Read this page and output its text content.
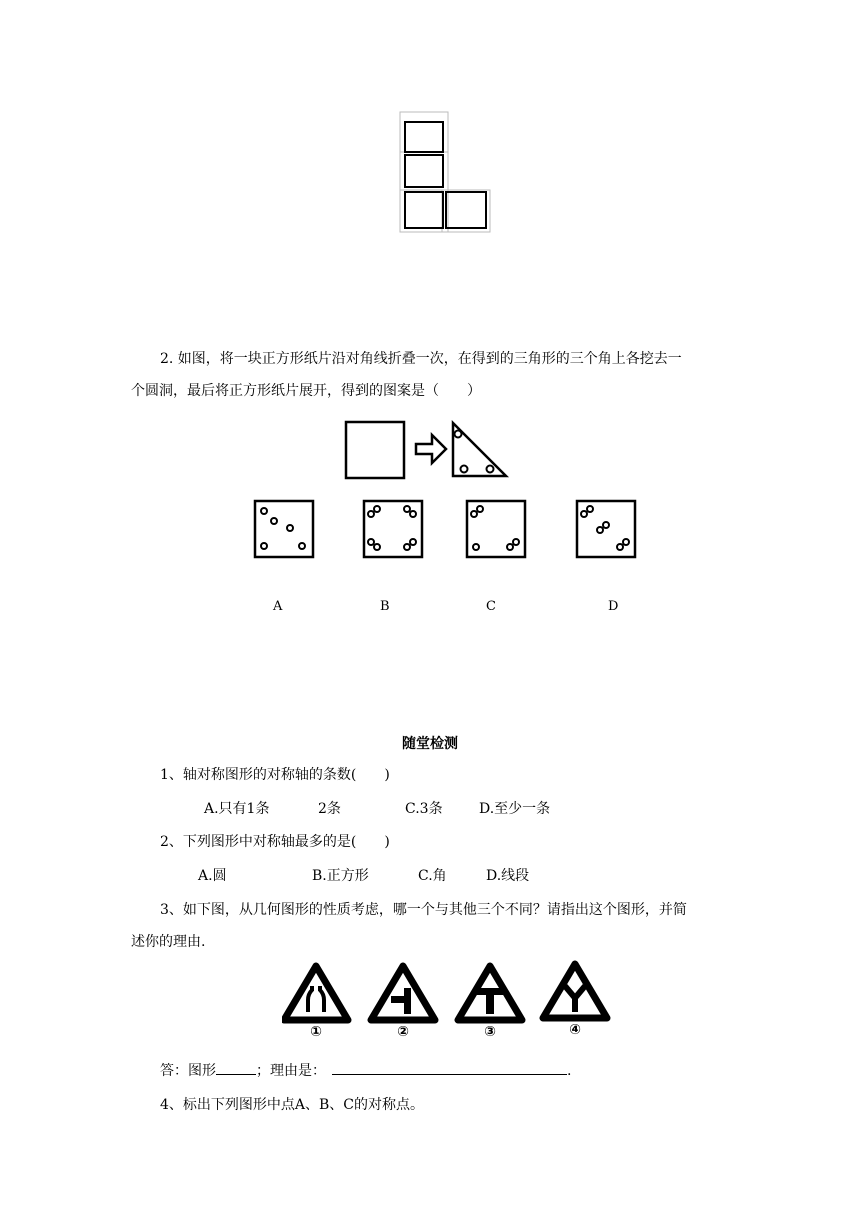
2. 如图，将一块正方形纸片沿对角线折叠一次，在得到的三角形的三个角上各挖去一
个圆洞，最后将正方形纸片展开，得到的图案是（　　）
A	B	C	D
随堂检测
1、轴对称图形的对称轴的条数(　　)
A.只有1条	2条	C.3条	D.至少一条
2、下列图形中对称轴最多的是(　　)
A.圆	B.正方形	C.角	D.线段
3、如下图，从几何图形的性质考虑，哪一个与其他三个不同？请指出这个图形，并简
述你的理由.
①	②	③	④
答：图形	；理由是：	.
4、标出下列图形中点A、B、C的对称点。
